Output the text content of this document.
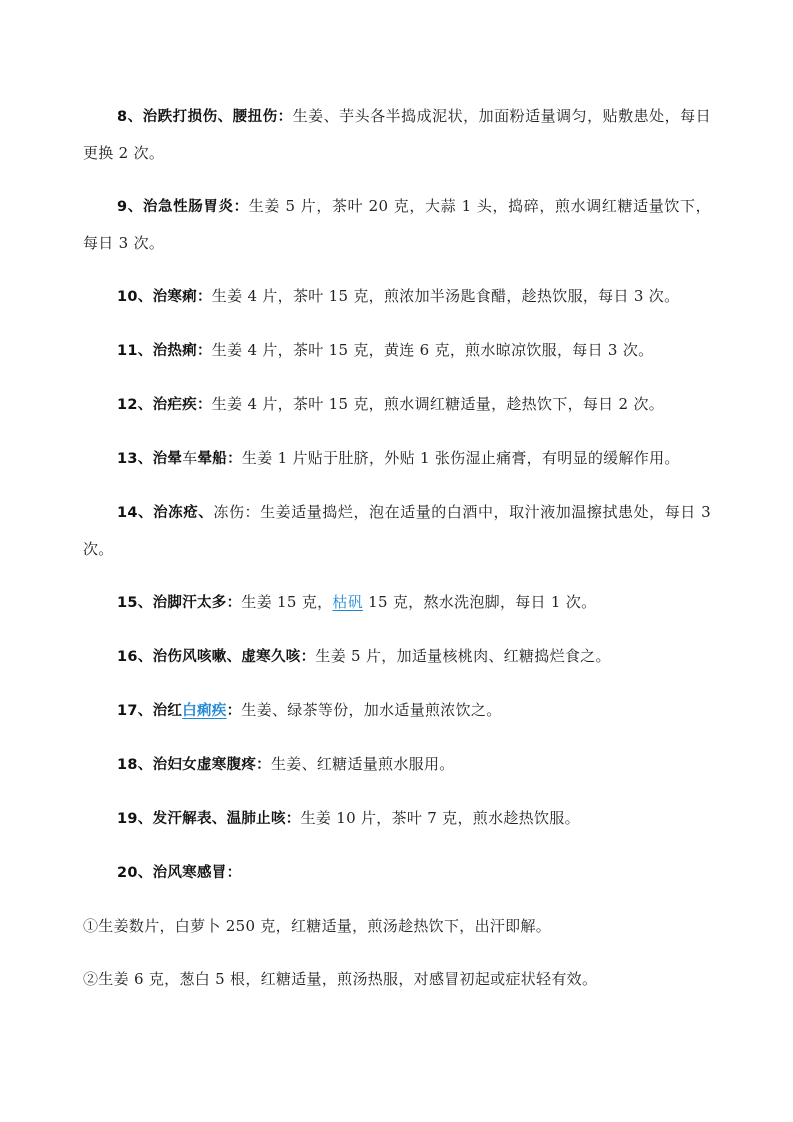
8、治跌打损伤、腰扭伤：生姜、芋头各半捣成泥状，加面粉适量调匀，贴敷患处，每日更换 2 次。

9、治急性肠胃炎：生姜 5 片，茶叶 20 克，大蒜 1 头，捣碎，煎水调红糖适量饮下，每日 3 次。

10、治寒痢：生姜 4 片，茶叶 15 克，煎浓加半汤匙食醋，趁热饮服，每日 3 次。

11、治热痢：生姜 4 片，茶叶 15 克，黄连 6 克，煎水晾凉饮服，每日 3 次。

12、治疟疾：生姜 4 片，茶叶 15 克，煎水调红糖适量，趁热饮下，每日 2 次。

13、治晕车晕船：生姜 1 片贴于肚脐，外贴 1 张伤湿止痛膏，有明显的缓解作用。

14、治冻疮、冻伤：生姜适量捣烂，泡在适量的白酒中，取汁液加温擦拭患处，每日 3 次。

15、治脚汗太多：生姜 15 克，枯矾 15 克，熬水洗泡脚，每日 1 次。

16、治伤风咳嗽、虚寒久咳：生姜 5 片，加适量核桃肉、红糖捣烂食之。

17、治红白痢疾：生姜、绿茶等份，加水适量煎浓饮之。

18、治妇女虚寒腹疼：生姜、红糖适量煎水服用。

19、发汗解表、温肺止咳：生姜 10 片，茶叶 7 克，煎水趁热饮服。

20、治风寒感冒：

①生姜数片，白萝卜 250 克，红糖适量，煎汤趁热饮下，出汗即解。

②生姜 6 克，葱白 5 根，红糖适量，煎汤热服，对感冒初起或症状轻有效。
